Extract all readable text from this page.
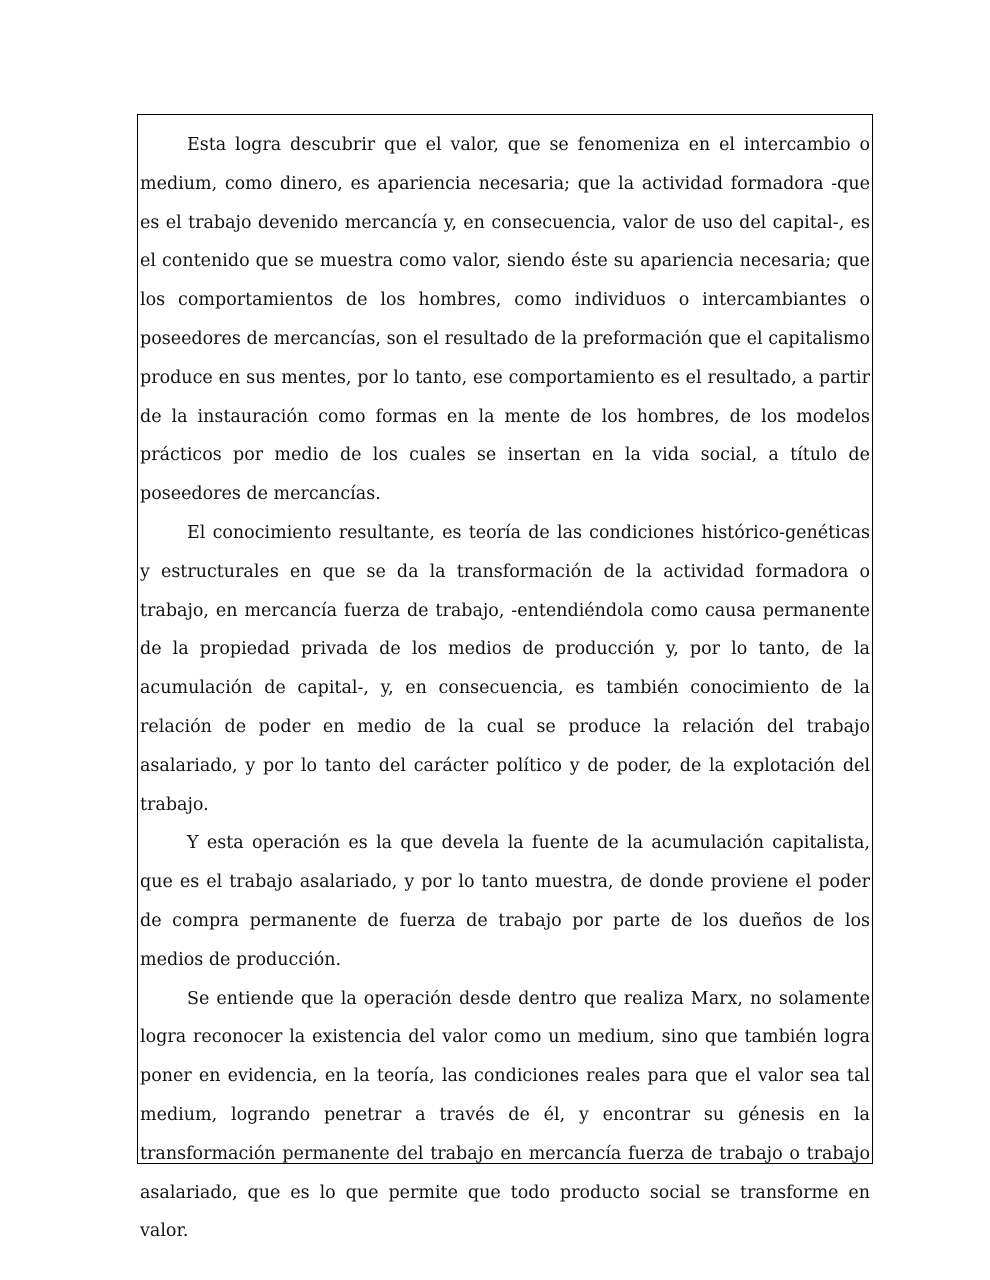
Esta logra descubrir que el valor, que se fenomeniza en el intercambio o medium, como dinero, es apariencia necesaria; que la actividad formadora -que es el trabajo devenido mercancía y, en consecuencia, valor de uso del capital-, es el contenido que se muestra como valor, siendo éste su apariencia necesaria; que los comportamientos de los hombres, como individuos o intercambiantes o poseedores de mercancías, son el resultado de la preformación que el capitalismo produce en sus mentes, por lo tanto, ese comportamiento es el resultado, a partir de la instauración como formas en la mente de los hombres, de los modelos prácticos por medio de los cuales se insertan en la vida social, a título de poseedores de mercancías.

El conocimiento resultante, es teoría de las condiciones histórico-genéticas y estructurales en que se da la transformación de la actividad formadora o trabajo, en mercancía fuerza de trabajo, -entendiéndola como causa permanente de la propiedad privada de los medios de producción y, por lo tanto, de la acumulación de capital-, y, en consecuencia, es también conocimiento de la relación de poder en medio de la cual se produce la relación del trabajo asalariado, y por lo tanto del carácter político y de poder, de la explotación del trabajo.

Y esta operación es la que devela la fuente de la acumulación capitalista, que es el trabajo asalariado, y por lo tanto muestra, de donde proviene el poder de compra permanente de fuerza de trabajo por parte de los dueños de los medios de producción.

Se entiende que la operación desde dentro que realiza Marx, no solamente logra reconocer la existencia del valor como un medium, sino que también logra poner en evidencia, en la teoría, las condiciones reales para que el valor sea tal medium, logrando penetrar a través de él, y encontrar su génesis en la transformación permanente del trabajo en mercancía fuerza de trabajo o trabajo asalariado, que es lo que permite que todo producto social se transforme en valor.
